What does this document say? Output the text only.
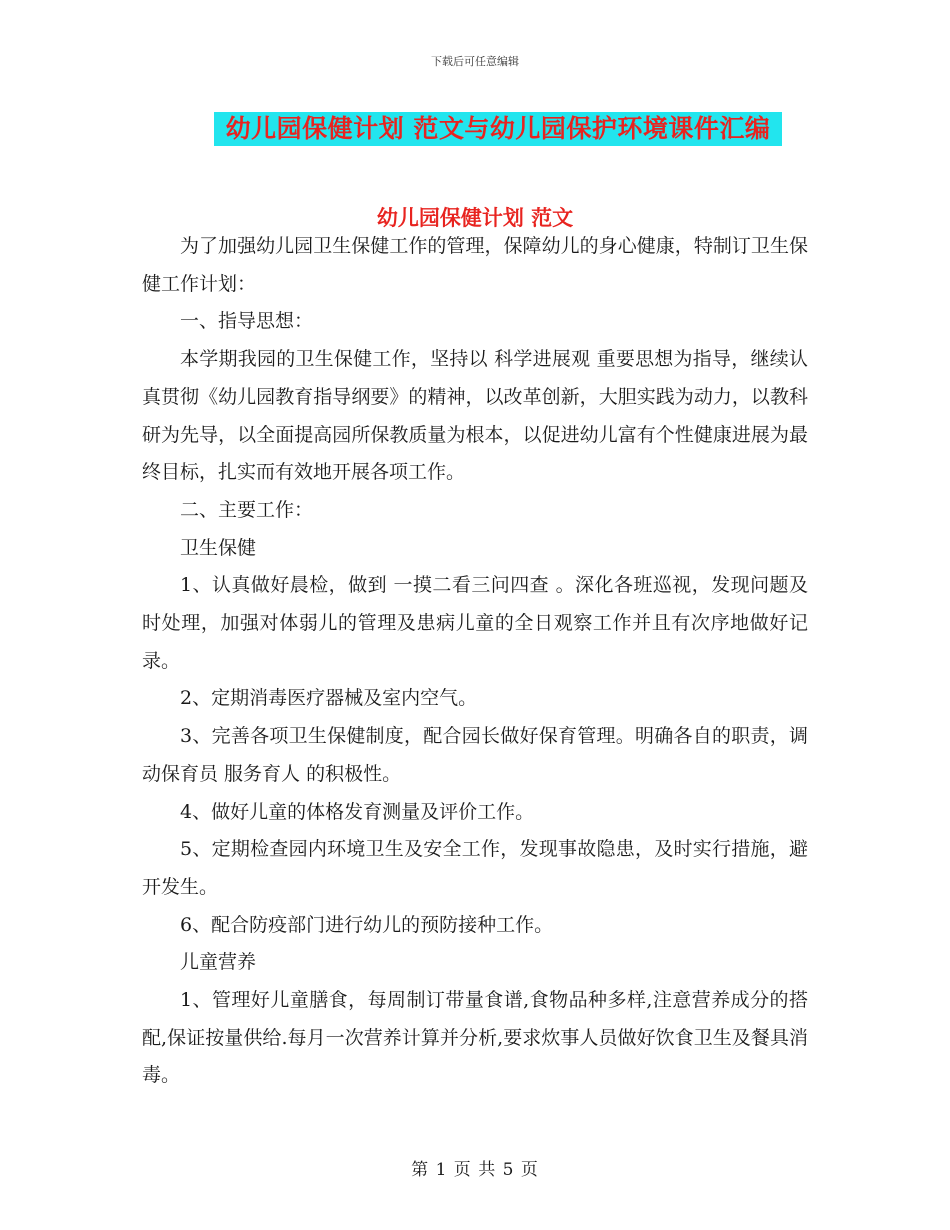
下载后可任意编辑
幼儿园保健计划 范文与幼儿园保护环境课件汇编
幼儿园保健计划 范文

为了加强幼儿园卫生保健工作的管理，保障幼儿的身心健康，特制订卫生保健工作计划：

一、指导思想：

本学期我园的卫生保健工作，坚持以 科学进展观 重要思想为指导，继续认真贯彻《幼儿园教育指导纲要》的精神，以改革创新，大胆实践为动力，以教科研为先导，以全面提高园所保教质量为根本，以促进幼儿富有个性健康进展为最终目标，扎实而有效地开展各项工作。

二、主要工作：

卫生保健

1、认真做好晨检，做到 一摸二看三问四查 。深化各班巡视，发现问题及时处理，加强对体弱儿的管理及患病儿童的全日观察工作并且有次序地做好记录。

2、定期消毒医疗器械及室内空气。

3、完善各项卫生保健制度，配合园长做好保育管理。明确各自的职责，调动保育员 服务育人 的积极性。

4、做好儿童的体格发育测量及评价工作。

5、定期检查园内环境卫生及安全工作，发现事故隐患，及时实行措施，避开发生。

6、配合防疫部门进行幼儿的预防接种工作。

儿童营养

1、管理好儿童膳食，每周制订带量食谱,食物品种多样,注意营养成分的搭配,保证按量供给.每月一次营养计算并分析,要求炊事人员做好饮食卫生及餐具消毒。

第 1 页 共 5 页
